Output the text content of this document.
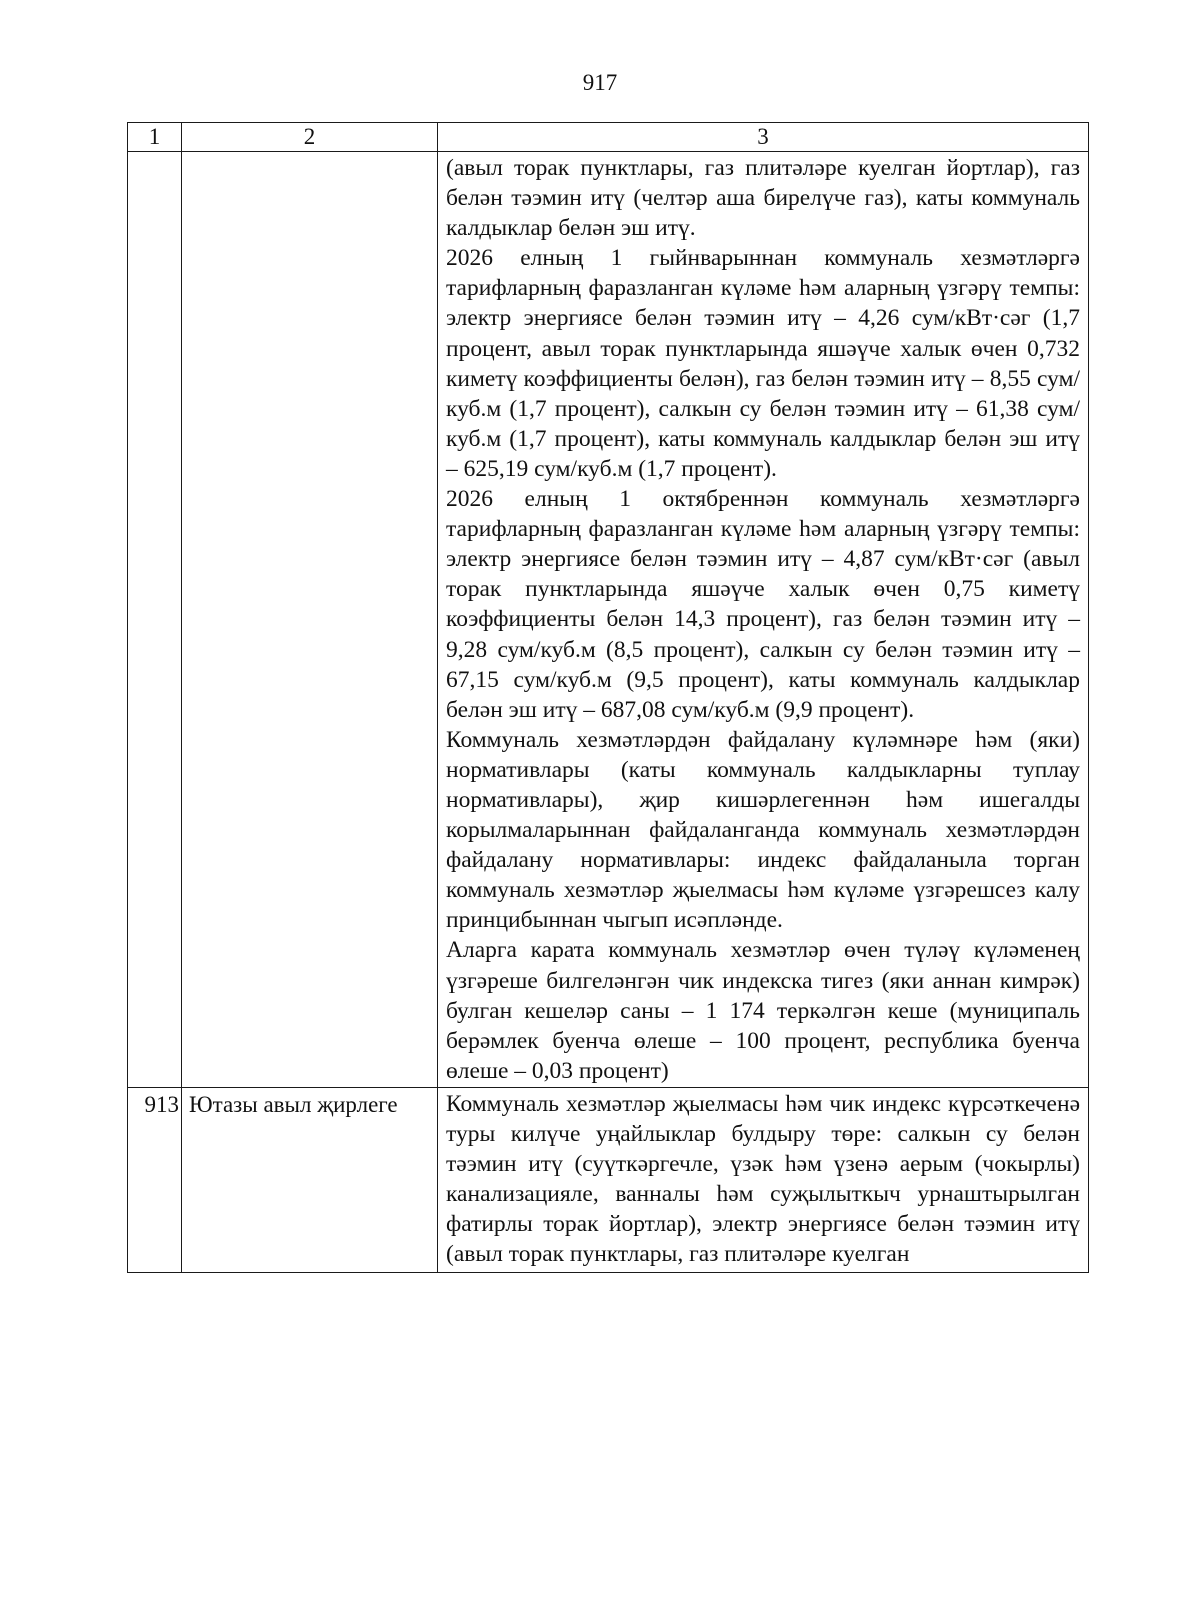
917
1	2	3

		(авыл торак пунктлары, газ плитәләре куелган йортлар), газ белән тәэмин итү (челтәр аша бирелүче газ), каты коммуналь калдыклар белән эш итү.

2026 елның 1 гыйнварыннан коммуналь хезмәтләргә тарифларның фаразланган күләме һәм аларның үзгәрү темпы: электр энергиясе белән тәэмин итү – 4,26 сум/кВт·сәг (1,7 процент, авыл торак пунктларында яшәүче халык өчен 0,732 киметү коэффициенты белән), газ белән тәэмин итү – 8,55 сум/куб.м (1,7 процент), салкын су белән тәэмин итү – 61,38 сум/куб.м (1,7 процент), каты коммуналь калдыклар белән эш итү – 625,19 сум/куб.м (1,7 процент).

2026 елның 1 октябреннән коммуналь хезмәтләргә тарифларның фаразланган күләме һәм аларның үзгәрү темпы: электр энергиясе белән тәэмин итү – 4,87 сум/кВт·сәг (авыл торак пунктларында яшәүче халык өчен 0,75 киметү коэффициенты белән 14,3 процент), газ белән тәэмин итү – 9,28 сум/куб.м (8,5 процент), салкын су белән тәэмин итү – 67,15 сум/куб.м (9,5 процент), каты коммуналь калдыклар белән эш итү – 687,08 сум/куб.м (9,9 процент).

Коммуналь хезмәтләрдән файдалану күләмнәре һәм (яки) нормативлары (каты коммуналь калдыкларны туплау нормативлары), җир кишәрлегеннән һәм ишегалды корылмаларыннан файдаланганда коммуналь хезмәтләрдән файдалану нормативлары: индекс файдаланыла торган коммуналь хезмәтләр җыелмасы һәм күләме үзгәрешсез калу принцибыннан чыгып исәпләнде.

Аларга карата коммуналь хезмәтләр өчен түләү күләменең үзгәреше билгеләнгән чик индекска тигез (яки аннан кимрәк) булган кешеләр саны – 1 174 теркәлгән кеше (муниципаль берәмлек буенча өлеше – 100 процент, республика буенча өлеше – 0,03 процент)

913	Ютазы авыл җирлеге	Коммуналь хезмәтләр җыелмасы һәм чик индекс күрсәткеченә туры килүче уңайлыклар булдыру төре: салкын су белән тәэмин итү (суүткәргечле, үзәк һәм үзенә аерым (чокырлы) канализацияле, ванналы һәм суҗылыткыч урнаштырылган фатирлы торак йортлар), электр энергиясе белән тәэмин итү (авыл торак пунктлары, газ плитәләре куелган
